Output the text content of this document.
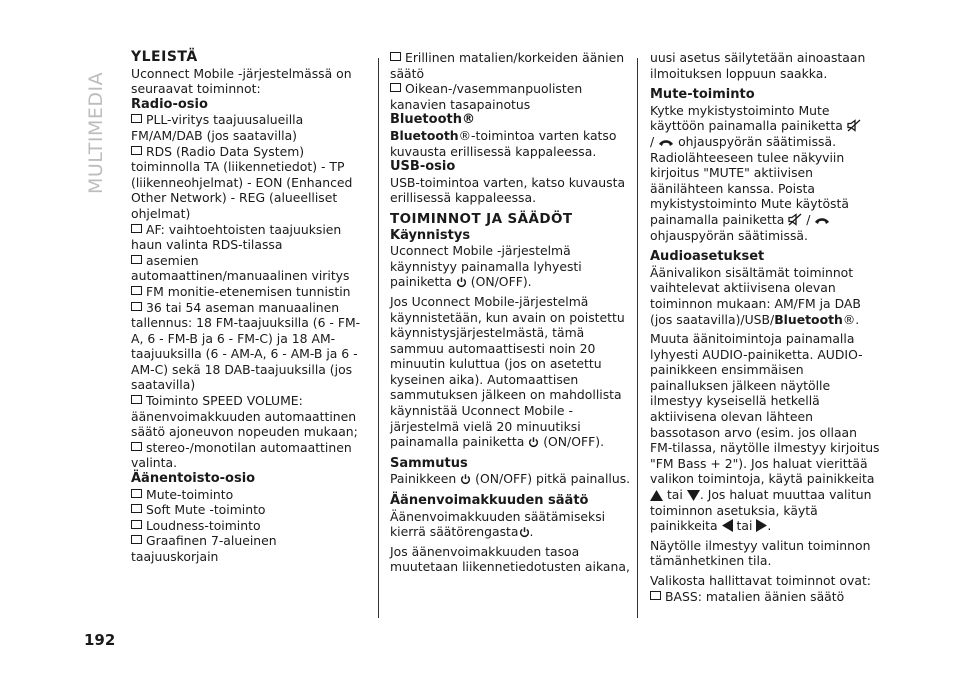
MULTIMEDIA
192
YLEISTÄ

Uconnect Mobile -järjestelmässä on seuraavat toiminnot:

Radio-osio
PLL-viritys taajuusalueilla FM/AM/DAB (jos saatavilla)
RDS (Radio Data System) toiminnolla TA (liikennetiedot) - TP (liikenneohjelmat) - EON (Enhanced Other Network) - REG (alueelliset ohjelmat)
AF: vaihtoehtoisten taajuuksien haun valinta RDS-tilassa
asemien automaattinen/manuaalinen viritys
FM monitie-etenemisen tunnistin
36 tai 54 aseman manuaalinen tallennus: 18 FM-taajuuksilla (6 - FM-A, 6 - FM-B ja 6 - FM-C) ja 18 AM-taajuuksilla (6 - AM-A, 6 - AM-B ja 6 - AM-C) sekä 18 DAB-taajuuksilla (jos saatavilla)
Toiminto SPEED VOLUME: äänenvoimakkuuden automaattinen säätö ajoneuvon nopeuden mukaan;
stereo-/monotilan automaattinen valinta.
Äänentoisto-osio
Mute-toiminto
Soft Mute -toiminto
Loudness-toiminto
Graafinen 7-alueinen taajuuskorjain
Erillinen matalien/korkeiden äänien säätö
Oikean-/vasemmanpuolisten kanavien tasapainotus
Bluetooth®

Bluetooth®-toimintoa varten katso kuvausta erillisessä kappaleessa.

USB-osio

USB-toimintoa varten, katso kuvausta erillisessä kappaleessa.

TOIMINNOT JA SÄÄDÖT
Käynnistys

Uconnect Mobile -järjestelmä käynnistyy painamalla lyhyesti painiketta (ON/OFF).

Jos Uconnect Mobile-järjestelmä käynnistetään, kun avain on poistettu käynnistysjärjestelmästä, tämä sammuu automaattisesti noin 20 minuutin kuluttua (jos on asetettu kyseinen aika). Automaattisen sammutuksen jälkeen on mahdollista käynnistää Uconnect Mobile -järjestelmä vielä 20 minuutiksi painamalla painiketta (ON/OFF).

Sammutus

Painikkeen (ON/OFF) pitkä painallus.

Äänenvoimakkuuden säätö

Äänenvoimakkuuden säätämiseksi kierrä säätörengasta .

Jos äänenvoimakkuuden tasoa muutetaan liikennetiedotusten aikana,

uusi asetus säilytetään ainoastaan ilmoituksen loppuun saakka.

Mute-toiminto

Kytke mykistystoiminto Mute käyttöön painamalla painiketta
/ ohjauspyörän säätimissä. Radiolähteeseen tulee näkyviin kirjoitus "MUTE" aktiivisen äänilähteen kanssa. Poista mykistystoiminto Mute käytöstä painamalla painiketta /  ohjauspyörän säätimissä.

Audioasetukset

Äänivalikon sisältämät toiminnot vaihtelevat aktiivisena olevan toiminnon mukaan: AM/FM ja DAB (jos saatavilla)/USB/Bluetooth®.

Muuta äänitoimintoja painamalla lyhyesti AUDIO-painiketta. AUDIO-painikkeen ensimmäisen painalluksen jälkeen näytölle ilmestyy kyseisellä hetkellä aktiivisena olevan lähteen bassotason arvo (esim. jos ollaan FM-tilassa, näytölle ilmestyy kirjoitus "FM Bass + 2"). Jos haluat vierittää valikon toimintoja, käytä painikkeita  tai . Jos haluat muuttaa valitun toiminnon asetuksia, käytä painikkeita tai .

Näytölle ilmestyy valitun toiminnon tämänhetkinen tila.

Valikosta hallittavat toiminnot ovat:

BASS: matalien äänien säätö
